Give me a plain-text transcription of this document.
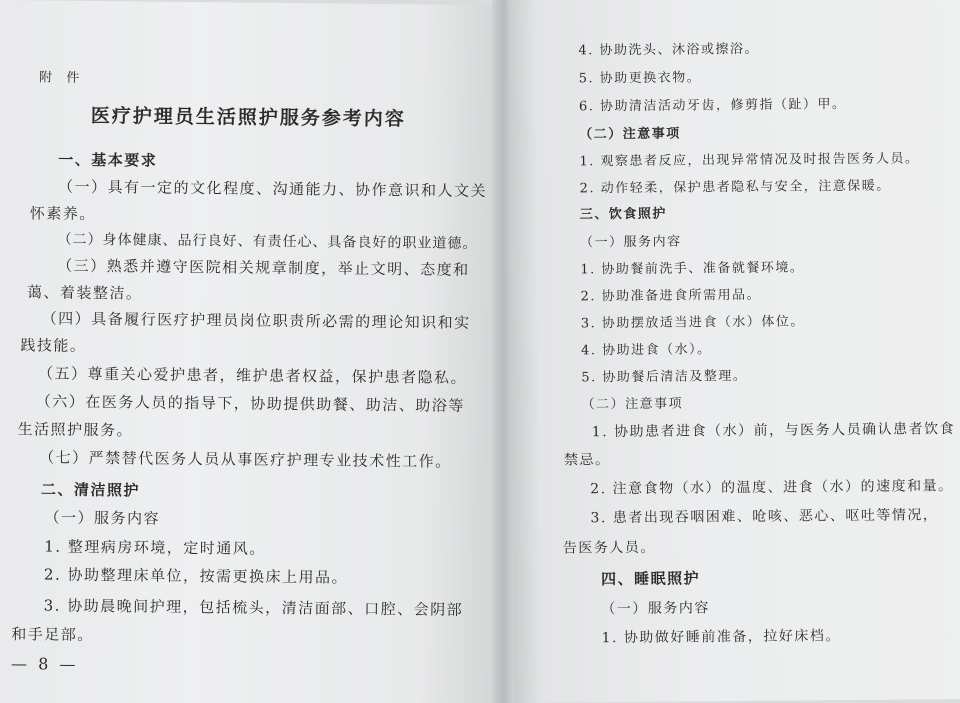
附 件
医疗护理员生活照护服务参考内容
一、基本要求
（一）具有一定的文化程度、沟通能力、协作意识和人文关
怀素养。
（二）身体健康、品行良好、有责任心、具备良好的职业道德。
（三）熟悉并遵守医院相关规章制度，举止文明、态度和
蔼、着装整洁。
（四）具备履行医疗护理员岗位职责所必需的理论知识和实
践技能。
（五）尊重关心爱护患者，维护患者权益，保护患者隐私。
（六）在医务人员的指导下，协助提供助餐、助洁、助浴等
生活照护服务。
（七）严禁替代医务人员从事医疗护理专业技术性工作。
二、清洁照护
（一）服务内容
1. 整理病房环境，定时通风。
2. 协助整理床单位，按需更换床上用品。
3. 协助晨晚间护理，包括梳头，清洁面部、口腔、会阴部
和手足部。
— 8 —
4. 协助洗头、沐浴或擦浴。
5. 协助更换衣物。
6. 协助清洁活动牙齿，修剪指（趾）甲。
（二）注意事项
1. 观察患者反应，出现异常情况及时报告医务人员。
2. 动作轻柔，保护患者隐私与安全，注意保暖。
三、饮食照护
（一）服务内容
1. 协助餐前洗手、准备就餐环境。
2. 协助准备进食所需用品。
3. 协助摆放适当进食（水）体位。
4. 协助进食（水）。
5. 协助餐后清洁及整理。
（二）注意事项
1. 协助患者进食（水）前，与医务人员确认患者饮食
禁忌。
2. 注意食物（水）的温度、进食（水）的速度和量。
3. 患者出现吞咽困难、呛咳、恶心、呕吐等情况，
告医务人员。
四、睡眠照护
（一）服务内容
1. 协助做好睡前准备，拉好床档。
